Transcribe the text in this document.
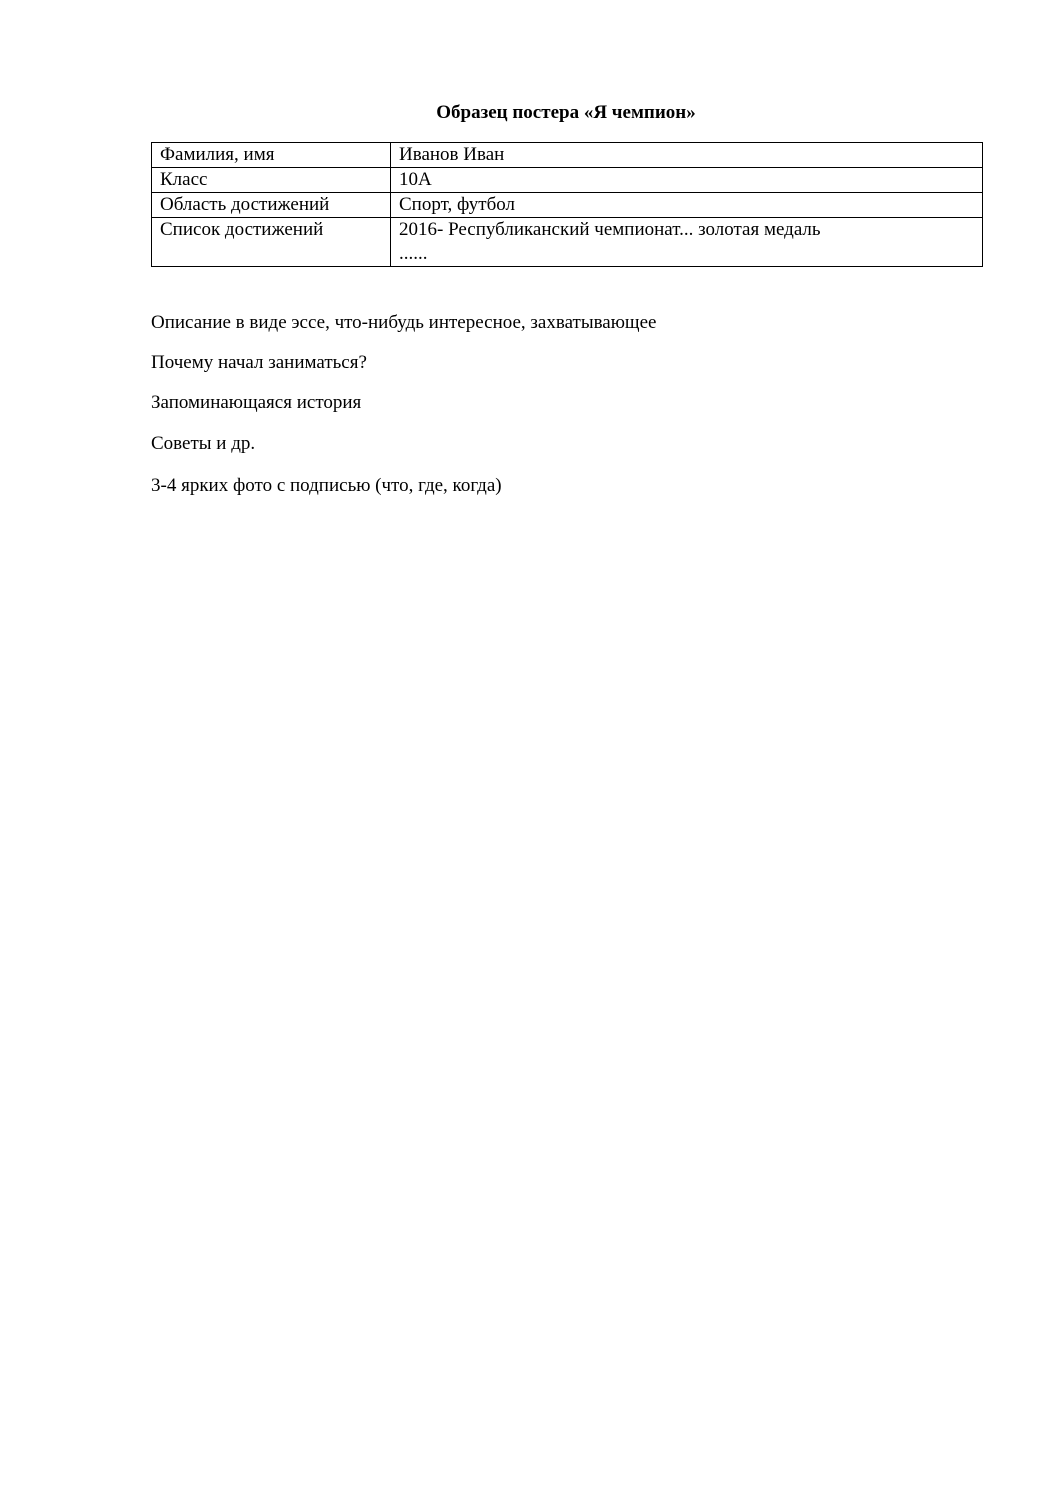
Образец постера «Я чемпион»
Фамилия, имя	Иванов Иван
Класс	10А
Область достижений	Спорт, футбол
Список достижений	2016- Республиканский чемпионат... золотая медаль
......
Описание в виде эссе, что-нибудь интересное, захватывающее
Почему начал заниматься?
Запоминающаяся история
Советы и др.
3-4 ярких фото с подписью (что, где, когда)
